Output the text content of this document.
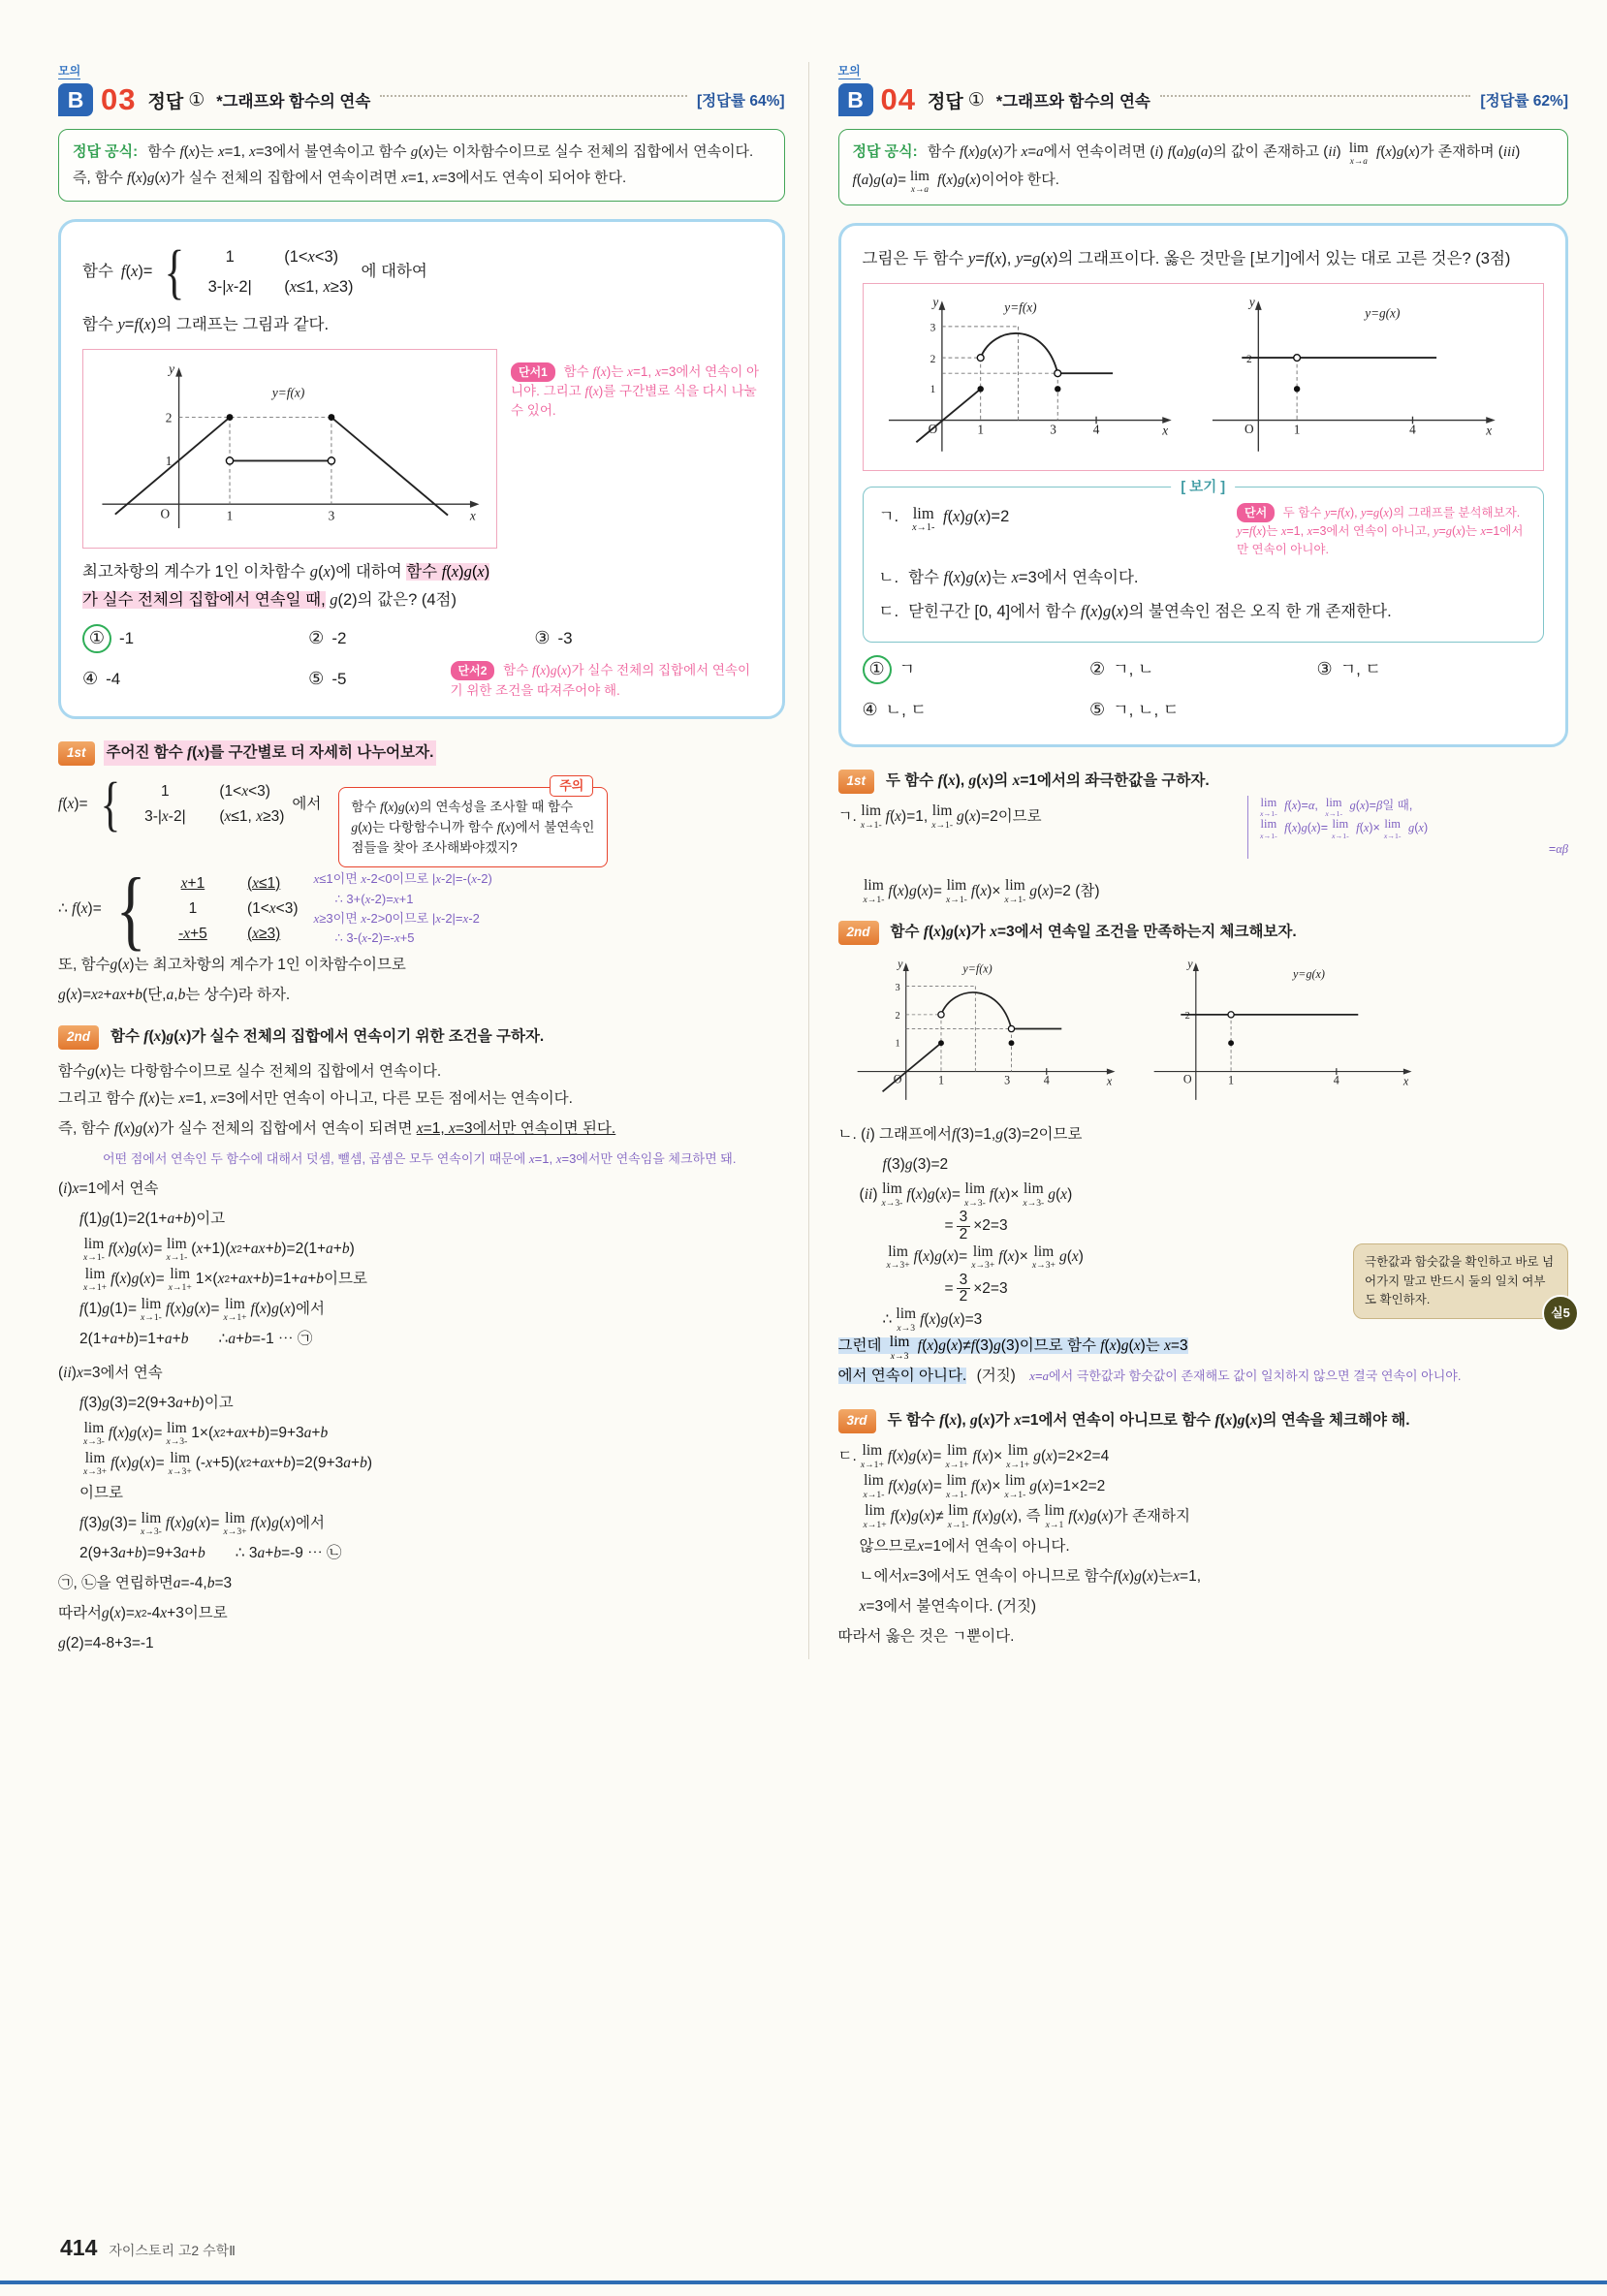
모의
B 03 정답 ① *그래프와 함수의 연속	[정답률 64%]
정답 공식: 함수 f(x)는 x=1, x=3에서 불연속이고 함수 g(x)는 이차함수이므로 실수 전체의 집합에서 연속이다. 즉, 함수 f(x)g(x)가 실수 전체의 집합에서 연속이려면 x=1, x=3에서도 연속이 되어야 한다.
함수 f(x)= {	1	(1<x<3)
3-|x-2|	(x≤1, x≥3)
에 대하여

함수 y=f(x)의 그래프는 그림과 같다.

y
x
O
2
1
1	3
y=f(x)
단서1 함수 f(x)는 x=1, x=3에서 연속이 아니야. 그리고 f(x)를 구간별로 식을 다시 나눌 수 있어.

최고차항의 계수가 1인 이차함수 g(x)에 대하여 함수 f(x)g(x)
가 실수 전체의 집합에서 연속일 때, g(2)의 값은? (4점)

① -1	② -2	③ -3
④ -4	⑤ -5	단서2 함수 f(x)g(x)가 실수 전체의 집합에서 연속이기 위한 조건을 따져주어야 해.
1st	주어진 함수 f(x)를 구간별로 더 자세히 나누어보자.
f(x)= {	1	(1<x<3)
3-|x-2|	(x≤1, x≥3)
에서
주의
함수 f(x)g(x)의 연속성을 조사할 때 함수 g(x)는 다항함수니까 함수 f(x)에서 불연속인 점들을 찾아 조사해봐야겠지?
∴ f(x)= {	x+1	(x≤1)
1	(1<x<3)
-x+5	(x≥3)
x≤1이면 x-2<0이므로 |x-2|=-(x-2)
∴ 3+(x-2)=x+1
x≥3이면 x-2>0이므로 |x-2|=x-2
∴ 3-(x-2)=-x+5
또, 함수 g ( x )는 최고차항의 계수가 1인 이차함수이므로
g ( x )= x 2 + ax + b (단, a , b 는 상수)라 하자.
2nd	함수 f(x)g(x)가 실수 전체의 집합에서 연속이기 위한 조건을 구하자.
함수 g ( x )는 다항함수이므로 실수 전체의 집합에서 연속이다.
그리고 함수 f(x)는 x=1, x=3에서만 연속이 아니고, 다른 모든 점에서는 연속이다.
즉, 함수 f(x)g(x)가 실수 전체의 집합에서 연속이 되려면 x=1, x=3에서만 연속이면 된다.
어떤 점에서 연속인 두 함수에 대해서 덧셈, 뺄셈, 곱셈은 모두 연속이기 때문에 x=1, x=3에서만 연속임을 체크하면 돼.
( i ) x =1에서 연속
f (1) g (1)=2(1+ a + b )이고
lim
x→1-
f ( x ) g ( x )= lim
x→1-
( x +1)( x 2 + ax + b )=2(1+ a + b )
lim
x→1+
f ( x ) g ( x )= lim
x→1+
1×( x 2 + ax + b )=1+ a + b 이므로
f (1) g (1)= lim
x→1-
f ( x ) g ( x )= lim
x→1+
f ( x ) g ( x )에서
2(1+ a + b )=1+ a + b   ∴ a + b =-1 ⋯ ㉠
( ii ) x =3에서 연속
f (3) g (3)=2(9+3 a + b )이고
lim
x→3-
f ( x ) g ( x )= lim
x→3-
1×( x 2 + ax + b )=9+3 a + b
lim
x→3+
f ( x ) g ( x )= lim
x→3+
(- x +5)( x 2 + ax + b )=2(9+3 a + b )
이므로
f (3) g (3)= lim
x→3-
f ( x ) g ( x )= lim
x→3+
f ( x ) g ( x )에서
2(9+3 a + b )=9+3 a + b   ∴ 3 a + b =-9 ⋯ ㉡
㉠, ㉡을 연립하면 a =-4, b =3
따라서 g ( x )= x 2 -4 x +3이므로
g (2)=4-8+3=-1
모의
B 04 정답 ① *그래프와 함수의 연속	[정답률 62%]
정답 공식: 함수 f(x)g(x)가 x=a에서 연속이려면 (i) f(a)g(a)의 값이 존재하고 (ii) lim
x→a
f(x)g(x)가 존재하며 (iii) f(a)g(a)= lim
x→a
f(x)g(x)이어야 한다.

그림은 두 함수 y=f(x), y=g(x)의 그래프이다. 옳은 것만을 [보기]에서 있는 대로 고른 것은? (3점)

y
x
O
3
2
1
1	3	4
y=f(x)	y
x
O
2
1	4
y=g(x)
[ 보기 ]
ㄱ. lim
x→1-
f(x)g(x)=2	단서 두 함수 y=f(x), y=g(x)의 그래프를 분석해보자. y=f(x)는 x=1, x=3에서 연속이 아니고, y=g(x)는 x=1에서만 연속이 아니야.
ㄴ. 함수 f(x)g(x)는 x=3에서 연속이다.
ㄷ. 닫힌구간 [0, 4]에서 함수 f(x)g(x)의 불연속인 점은 오직 한 개 존재한다.
① ㄱ	② ㄱ, ㄴ	③ ㄱ, ㄷ
④ ㄴ, ㄷ	⑤ ㄱ, ㄴ, ㄷ
1st	두 함수 f(x), g(x)의 x=1에서의 좌극한값을 구하자.
ㄱ. lim
x→1-
f ( x )=1, lim
x→1-
g ( x )=2이므로
lim
x→1-
f(x)=α, lim
x→1-
g(x)=β일 때,
lim
x→1-
f(x)g(x)= lim
x→1-
f(x)× lim
x→1-
g(x)
=αβ
lim
x→1-
f ( x ) g ( x )= lim
x→1-
f ( x )× lim
x→1-
g ( x )=2 (참)
2nd	함수 f(x)g(x)가 x=3에서 연속일 조건을 만족하는지 체크해보자.
y
x
O
3
2
1
1	3 4
y=f(x)	y
x
O
2
1	4
y=g(x)
ㄴ. ( i ) 그래프에서 f (3)=1, g (3)=2이므로
f (3) g (3)=2
( ii ) lim
x→3-
f ( x ) g ( x )= lim
x→3-
f ( x )× lim
x→3-
g ( x )
= $\frac{3}{2} \times 2=3$
lim
x→3+
f ( x ) g ( x )= lim
x→3+
f ( x )× lim
x→3+
g ( x )
= $\frac{3}{2} \times 2=3$
∴ lim
x→3
f ( x ) g ( x )=3
극한값과 함숫값을 확인하고 바로 넘어가지 말고 반드시 둘의 일치 여부도 확인하자.
실5
그런데 lim
x→3
f(x)g(x)≠f(3)g(3)이므로 함수 f(x)g(x)는 x=3
에서 연속이 아니다. (거짓) x=a에서 극한값과 함숫값이 존재해도 값이 일치하지 않으면 결국 연속이 아니야.
3rd	두 함수 f(x), g(x)가 x=1에서 연속이 아니므로 함수 f(x)g(x)의 연속을 체크해야 해.
ㄷ. lim
x→1+
f ( x ) g ( x )= lim
x→1+
f ( x )× lim
x→1+
g ( x )=2×2=4
lim
x→1-
f ( x ) g ( x )= lim
x→1-
f ( x )× lim
x→1-
g ( x )=1×2=2
lim
x→1+
f ( x ) g ( x )≠ lim
x→1-
f ( x ) g ( x ), 즉 lim
x→1
f ( x ) g ( x )가 존재하지
않으므로 x =1에서 연속이 아니다.
ㄴ에서 x =3에서도 연속이 아니므로 함수 f ( x ) g ( x )는 x =1,
x =3에서 불연속이다. (거짓)
따라서 옳은 것은 ㄱ뿐이다.
414 자이스토리 고2 수학Ⅱ
